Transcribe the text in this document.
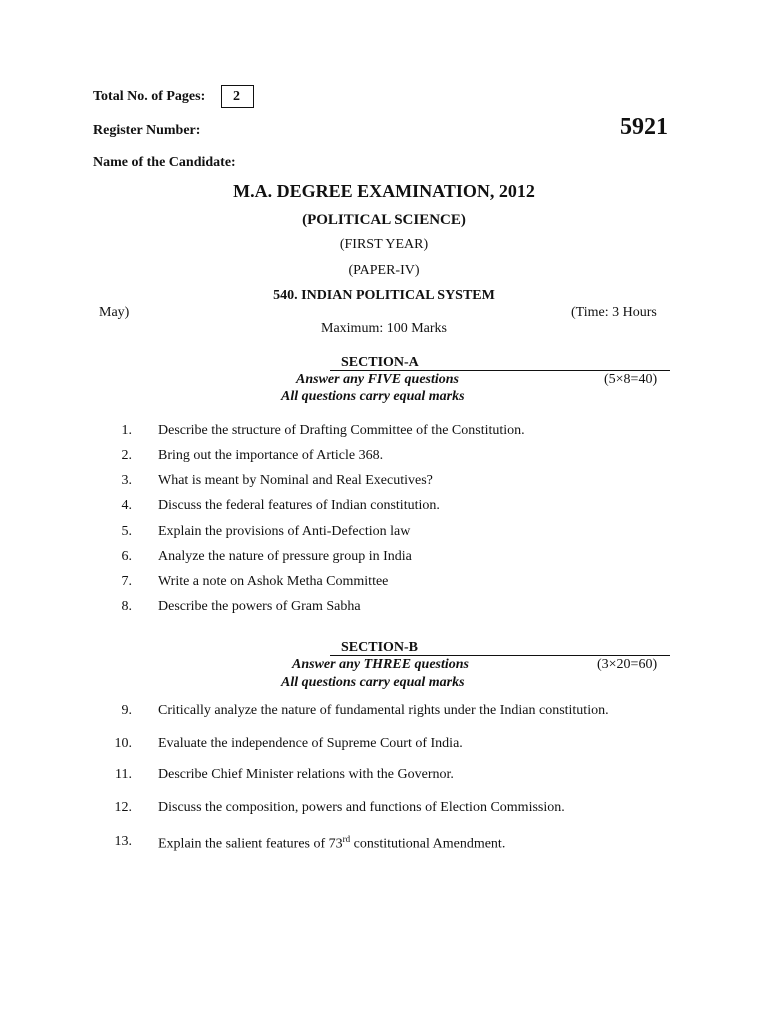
Total No. of Pages:	2
Register Number:	5921
Name of the Candidate:
M.A. DEGREE EXAMINATION, 2012
(POLITICAL SCIENCE)
(FIRST YEAR)
(PAPER-IV)
540. INDIAN POLITICAL SYSTEM
May)	(Time: 3 Hours
Maximum: 100 Marks
SECTION-A
Answer any FIVE questions	(5×8=40)
All questions carry equal marks
1. Describe the structure of Drafting Committee of the Constitution.
2. Bring out the importance of Article 368.
3. What is meant by Nominal and Real Executives?
4. Discuss the federal features of Indian constitution.
5. Explain the provisions of Anti-Defection law
6. Analyze the nature of pressure group in India
7. Write a note on Ashok Metha Committee
8. Describe the powers of Gram Sabha
SECTION-B
Answer any THREE questions	(3×20=60)
All questions carry equal marks
9. Critically analyze the nature of fundamental rights under the Indian constitution.
10. Evaluate the independence of Supreme Court of India.
11. Describe Chief Minister relations with the Governor.
12. Discuss the composition, powers and functions of Election Commission.
13. Explain the salient features of 73rd constitutional Amendment.
